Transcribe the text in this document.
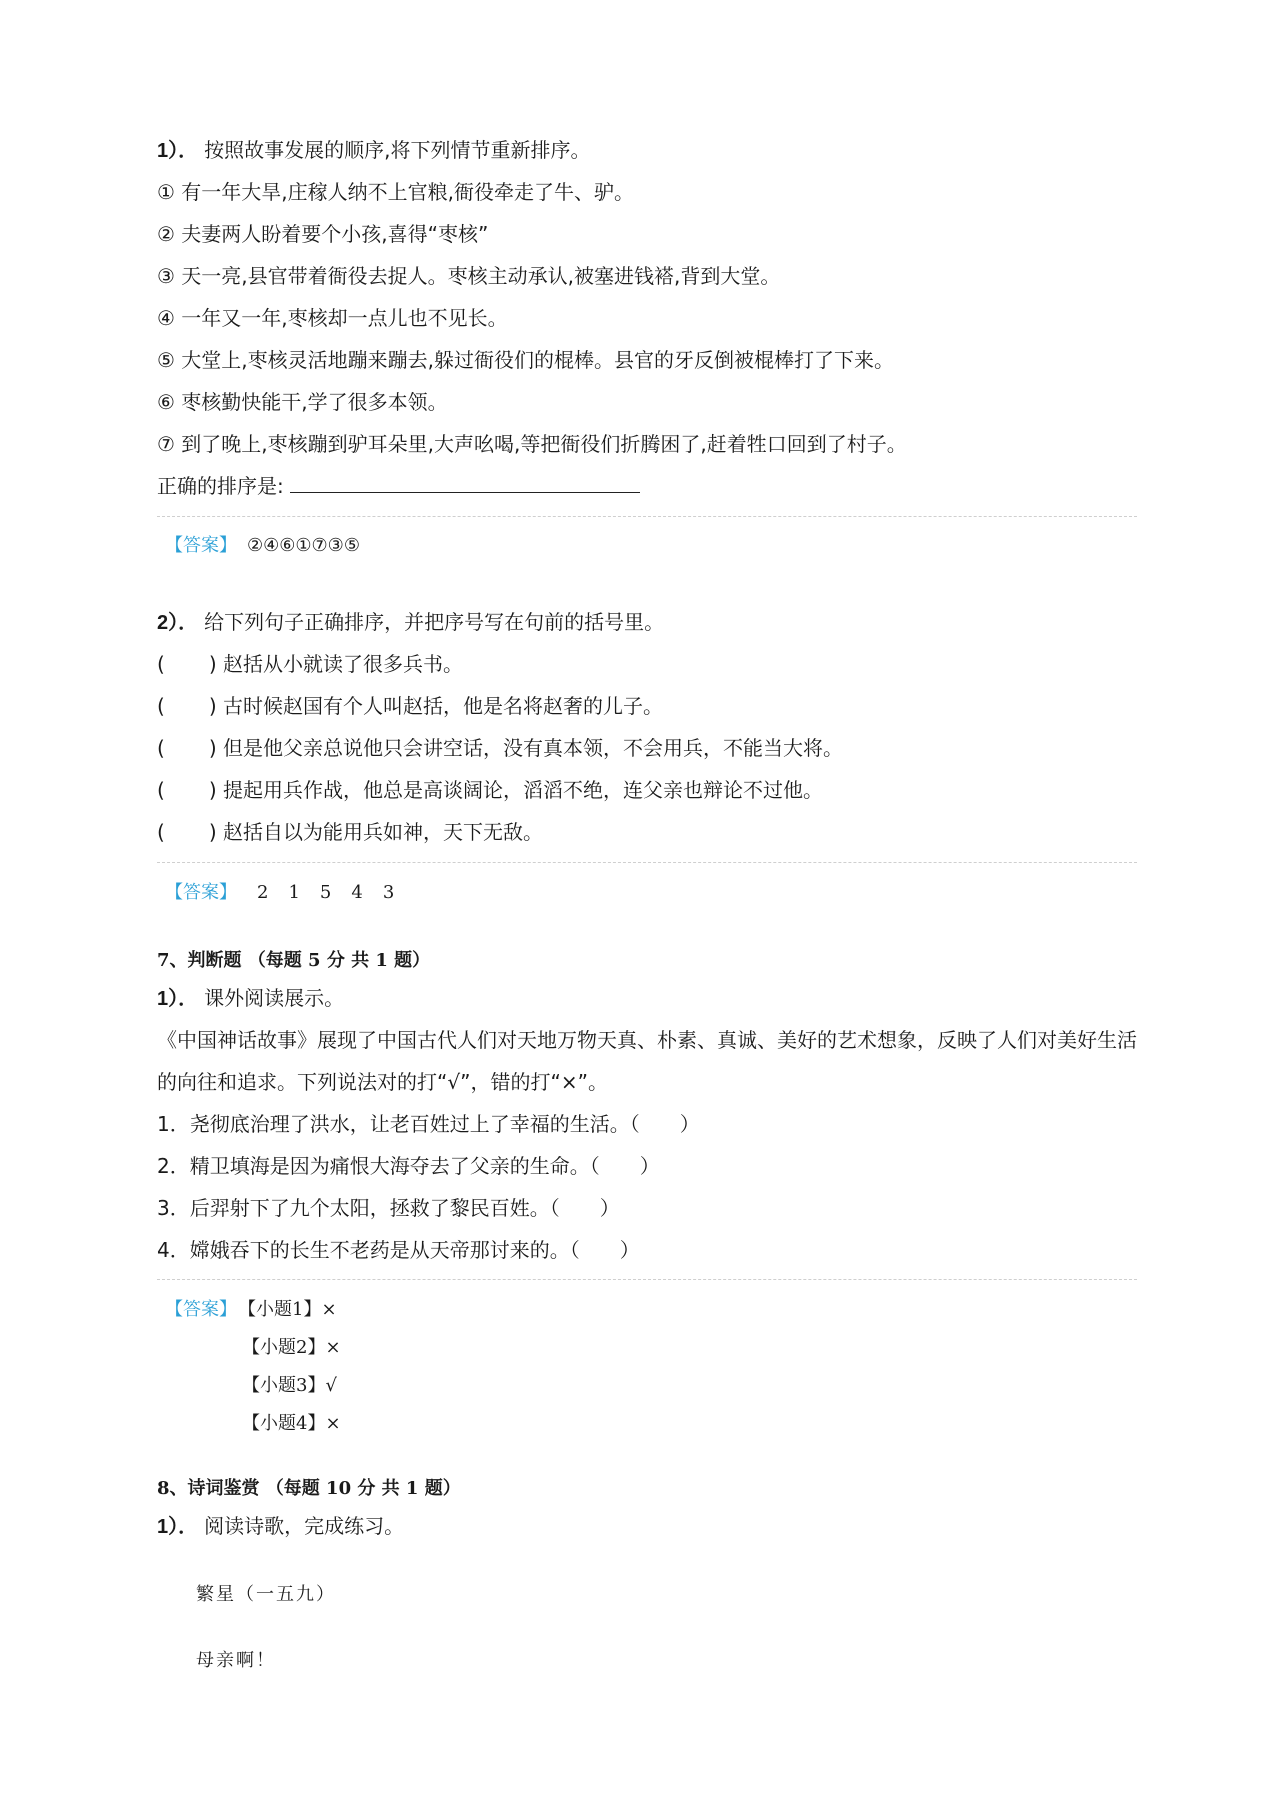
1）． 按照故事发展的顺序,将下列情节重新排序。
① 有一年大旱,庄稼人纳不上官粮,衙役牵走了牛、驴。
② 夫妻两人盼着要个小孩,喜得“枣核”
③ 天一亮,县官带着衙役去捉人。枣核主动承认,被塞进钱褡,背到大堂。
④ 一年又一年,枣核却一点儿也不见长。
⑤ 大堂上,枣核灵活地蹦来蹦去,躲过衙役们的棍棒。县官的牙反倒被棍棒打了下来。
⑥ 枣核勤快能干,学了很多本领。
⑦ 到了晚上,枣核蹦到驴耳朵里,大声吆喝,等把衙役们折腾困了,赶着牲口回到了村子。
正确的排序是:
【答案】 ②④⑥①⑦③⑤
2）． 给下列句子正确排序，并把序号写在句前的括号里。
( ) 赵括从小就读了很多兵书。
( ) 古时候赵国有个人叫赵括，他是名将赵奢的儿子。
( ) 但是他父亲总说他只会讲空话，没有真本领，不会用兵，不能当大将。
( ) 提起用兵作战，他总是高谈阔论，滔滔不绝，连父亲也辩论不过他。
( ) 赵括自以为能用兵如神，天下无敌。
【答案】 2 1 5 4 3
7、判断题 （每题 5 分 共 1 题）
1）． 课外阅读展示。
《中国神话故事》展现了中国古代人们对天地万物天真、朴素、真诚、美好的艺术想象，反映了人们对美好生活的向往和追求。下列说法对的打“√”，错的打“×”。
1．尧彻底治理了洪水，让老百姓过上了幸福的生活。（　　）
2．精卫填海是因为痛恨大海夺去了父亲的生命。（　　）
3．后羿射下了九个太阳，拯救了黎民百姓。（　　）
4．嫦娥吞下的长生不老药是从天帝那讨来的。（　　）
【答案】 【小题1】×
【小题2】×
【小题3】√
【小题4】×
8、诗词鉴赏 （每题 10 分 共 1 题）
1）． 阅读诗歌，完成练习。
繁星（一五九）
母亲啊！
